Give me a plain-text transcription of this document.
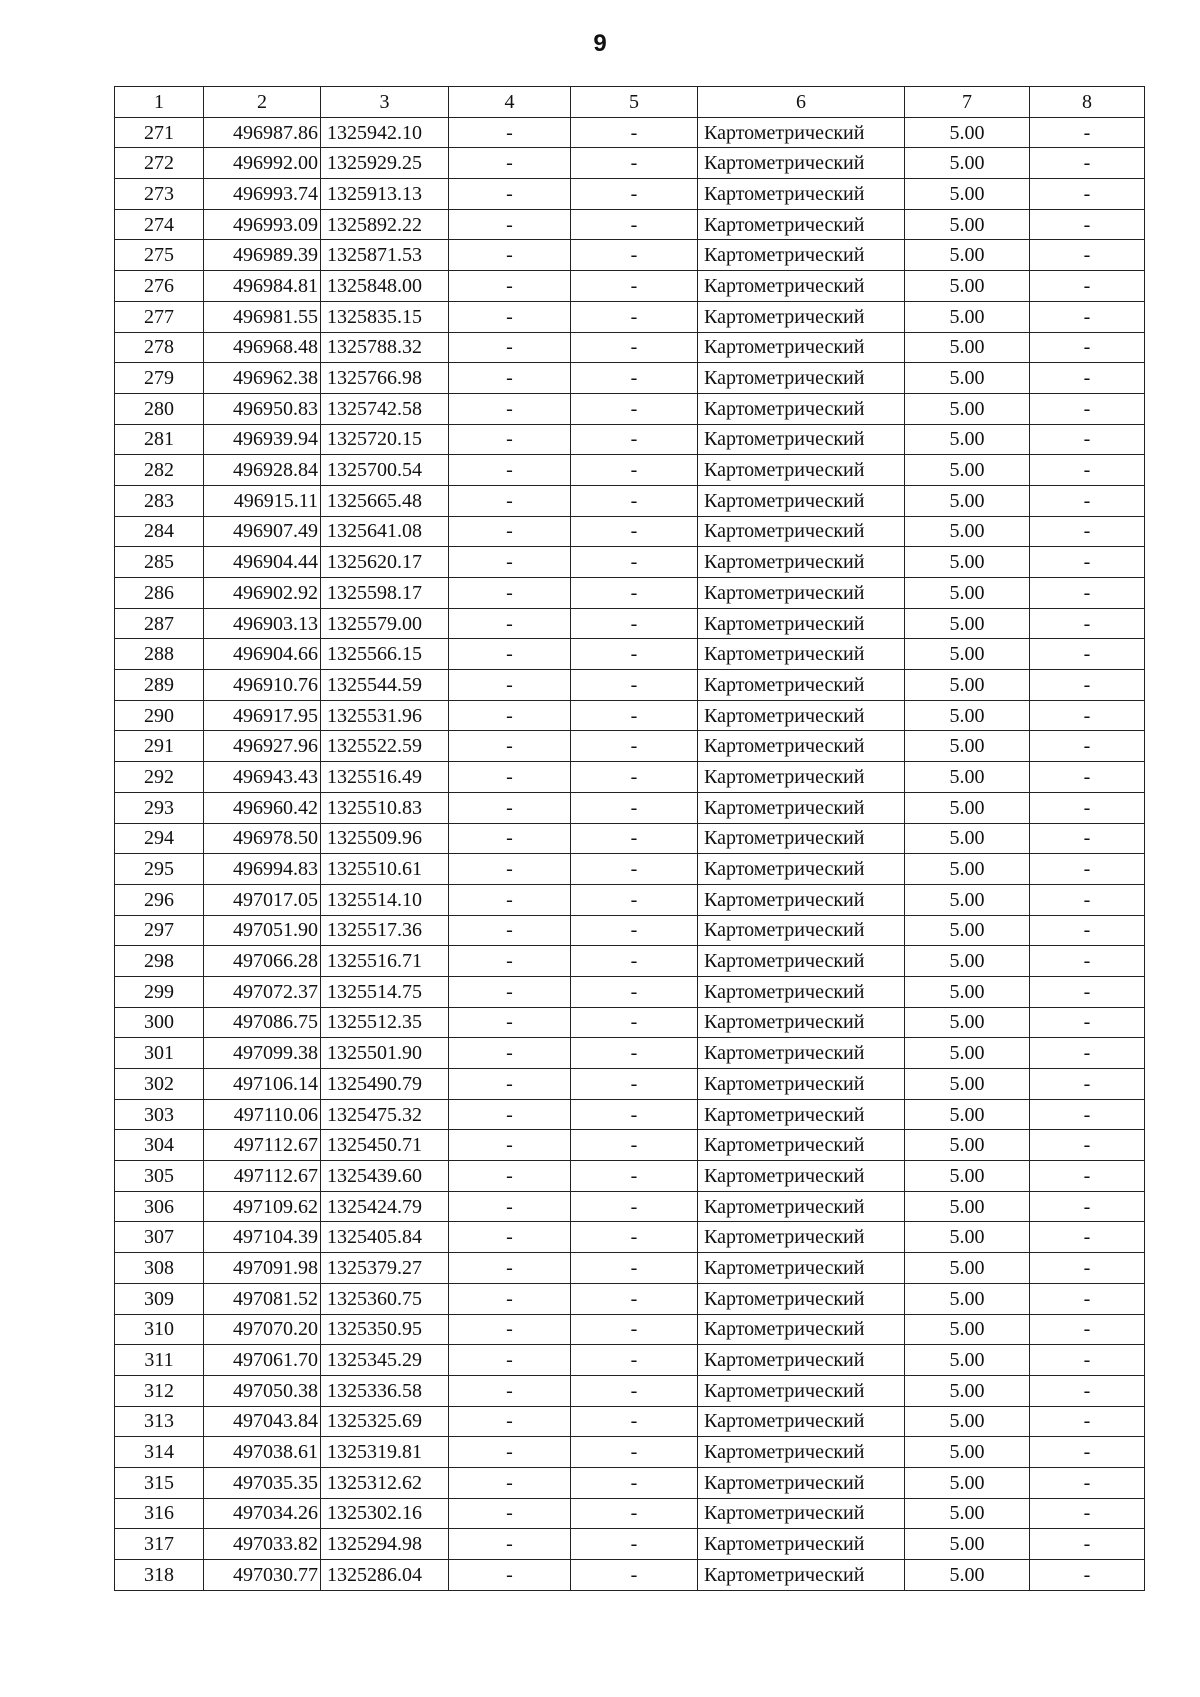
9
1	2	3	4	5	6	7	8
271	496987.86	1325942.10	-	-	Картометрический	5.00	-
272	496992.00	1325929.25	-	-	Картометрический	5.00	-
273	496993.74	1325913.13	-	-	Картометрический	5.00	-
274	496993.09	1325892.22	-	-	Картометрический	5.00	-
275	496989.39	1325871.53	-	-	Картометрический	5.00	-
276	496984.81	1325848.00	-	-	Картометрический	5.00	-
277	496981.55	1325835.15	-	-	Картометрический	5.00	-
278	496968.48	1325788.32	-	-	Картометрический	5.00	-
279	496962.38	1325766.98	-	-	Картометрический	5.00	-
280	496950.83	1325742.58	-	-	Картометрический	5.00	-
281	496939.94	1325720.15	-	-	Картометрический	5.00	-
282	496928.84	1325700.54	-	-	Картометрический	5.00	-
283	496915.11	1325665.48	-	-	Картометрический	5.00	-
284	496907.49	1325641.08	-	-	Картометрический	5.00	-
285	496904.44	1325620.17	-	-	Картометрический	5.00	-
286	496902.92	1325598.17	-	-	Картометрический	5.00	-
287	496903.13	1325579.00	-	-	Картометрический	5.00	-
288	496904.66	1325566.15	-	-	Картометрический	5.00	-
289	496910.76	1325544.59	-	-	Картометрический	5.00	-
290	496917.95	1325531.96	-	-	Картометрический	5.00	-
291	496927.96	1325522.59	-	-	Картометрический	5.00	-
292	496943.43	1325516.49	-	-	Картометрический	5.00	-
293	496960.42	1325510.83	-	-	Картометрический	5.00	-
294	496978.50	1325509.96	-	-	Картометрический	5.00	-
295	496994.83	1325510.61	-	-	Картометрический	5.00	-
296	497017.05	1325514.10	-	-	Картометрический	5.00	-
297	497051.90	1325517.36	-	-	Картометрический	5.00	-
298	497066.28	1325516.71	-	-	Картометрический	5.00	-
299	497072.37	1325514.75	-	-	Картометрический	5.00	-
300	497086.75	1325512.35	-	-	Картометрический	5.00	-
301	497099.38	1325501.90	-	-	Картометрический	5.00	-
302	497106.14	1325490.79	-	-	Картометрический	5.00	-
303	497110.06	1325475.32	-	-	Картометрический	5.00	-
304	497112.67	1325450.71	-	-	Картометрический	5.00	-
305	497112.67	1325439.60	-	-	Картометрический	5.00	-
306	497109.62	1325424.79	-	-	Картометрический	5.00	-
307	497104.39	1325405.84	-	-	Картометрический	5.00	-
308	497091.98	1325379.27	-	-	Картометрический	5.00	-
309	497081.52	1325360.75	-	-	Картометрический	5.00	-
310	497070.20	1325350.95	-	-	Картометрический	5.00	-
311	497061.70	1325345.29	-	-	Картометрический	5.00	-
312	497050.38	1325336.58	-	-	Картометрический	5.00	-
313	497043.84	1325325.69	-	-	Картометрический	5.00	-
314	497038.61	1325319.81	-	-	Картометрический	5.00	-
315	497035.35	1325312.62	-	-	Картометрический	5.00	-
316	497034.26	1325302.16	-	-	Картометрический	5.00	-
317	497033.82	1325294.98	-	-	Картометрический	5.00	-
318	497030.77	1325286.04	-	-	Картометрический	5.00	-
